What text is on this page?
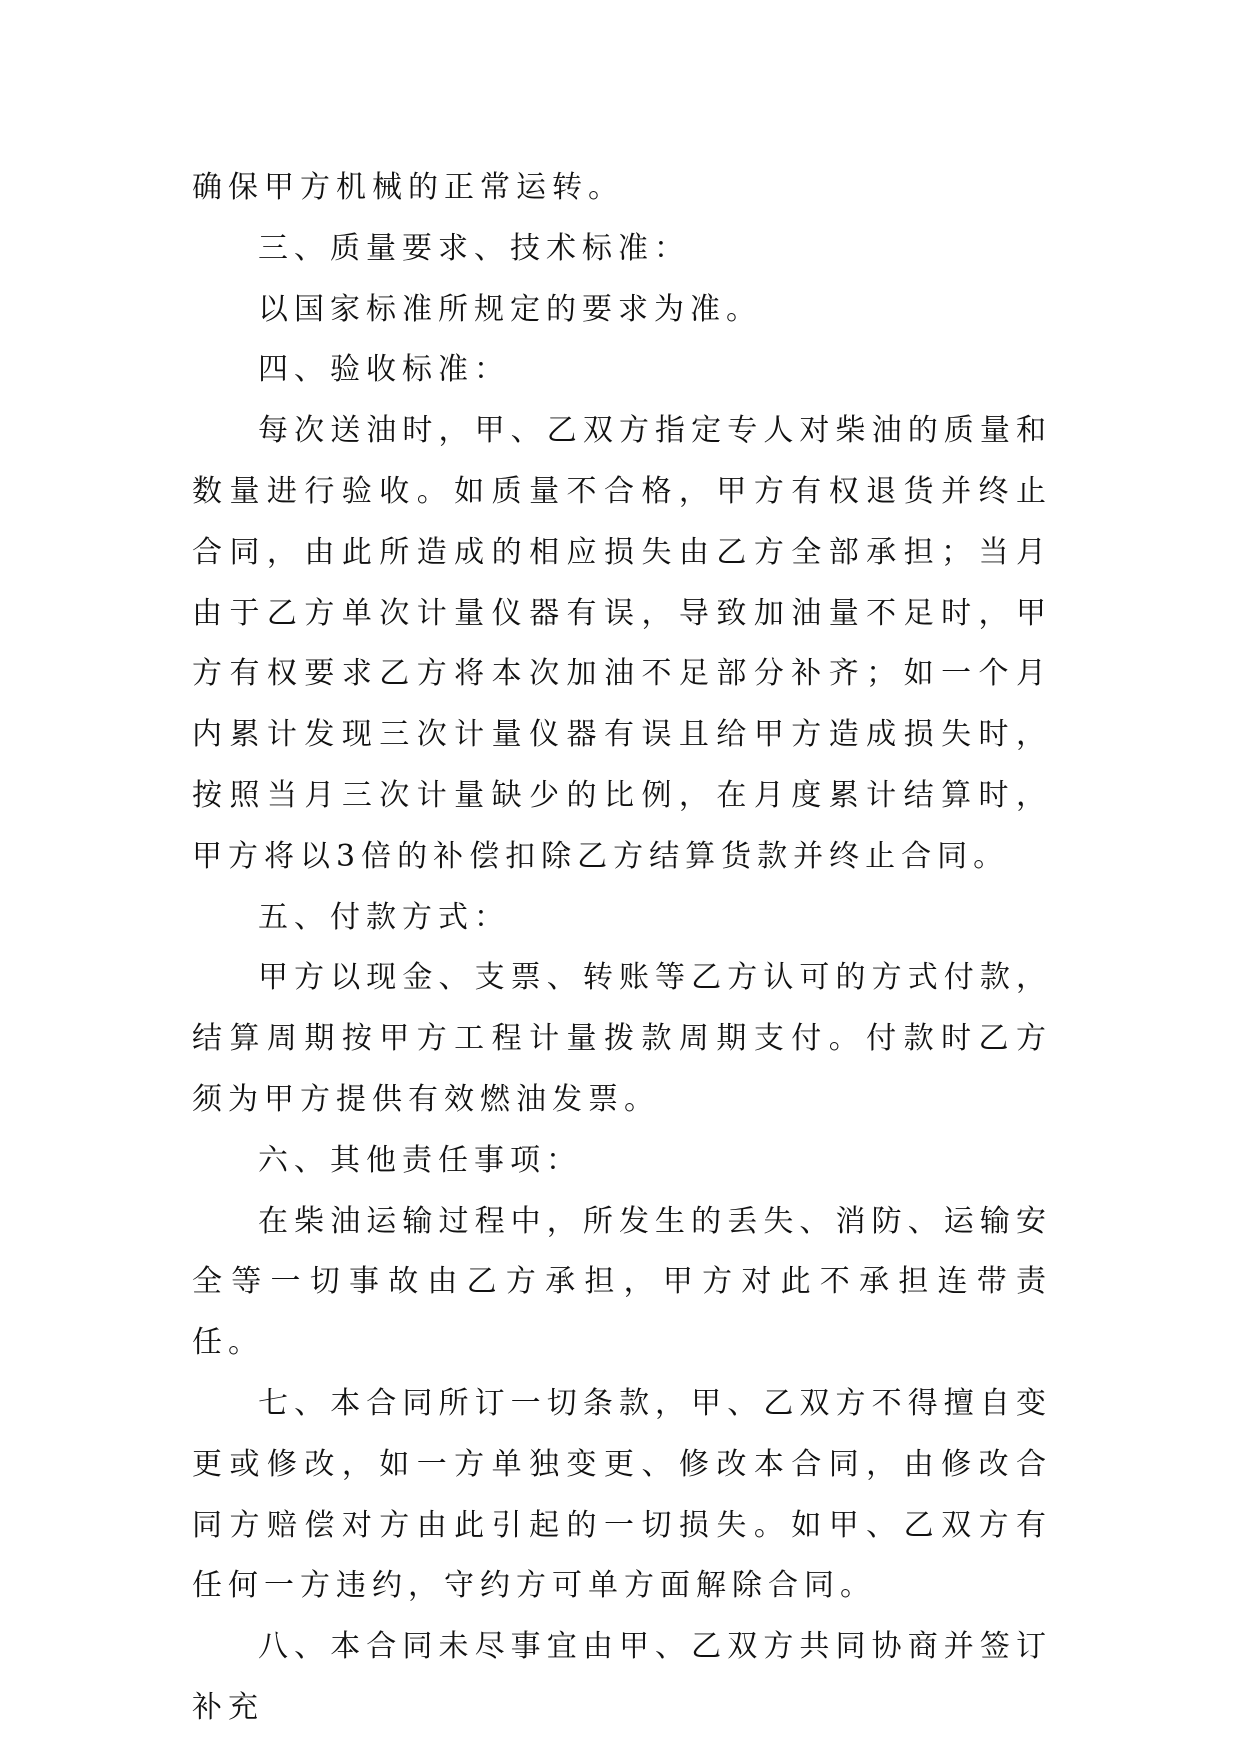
确保甲方机械的正常运转。

三、质量要求、技术标准：

以国家标准所规定的要求为准。

四、验收标准：

每次送油时，甲、乙双方指定专人对柴油的质量和数量进行验收。如质量不合格，甲方有权退货并终止合同，由此所造成的相应损失由乙方全部承担；当月由于乙方单次计量仪器有误，导致加油量不足时，甲方有权要求乙方将本次加油不足部分补齐；如一个月内累计发现三次计量仪器有误且给甲方造成损失时，按照当月三次计量缺少的比例，在月度累计结算时，甲方将以3倍的补偿扣除乙方结算货款并终止合同。

五、付款方式：

甲方以现金、支票、转账等乙方认可的方式付款，结算周期按甲方工程计量拨款周期支付。付款时乙方须为甲方提供有效燃油发票。

六、其他责任事项：

在柴油运输过程中，所发生的丢失、消防、运输安全等一切事故由乙方承担，甲方对此不承担连带责任。

七、本合同所订一切条款，甲、乙双方不得擅自变更或修改，如一方单独变更、修改本合同，由修改合同方赔偿对方由此引起的一切损失。如甲、乙双方有任何一方违约，守约方可单方面解除合同。

八、本合同未尽事宜由甲、乙双方共同协商并签订补充
